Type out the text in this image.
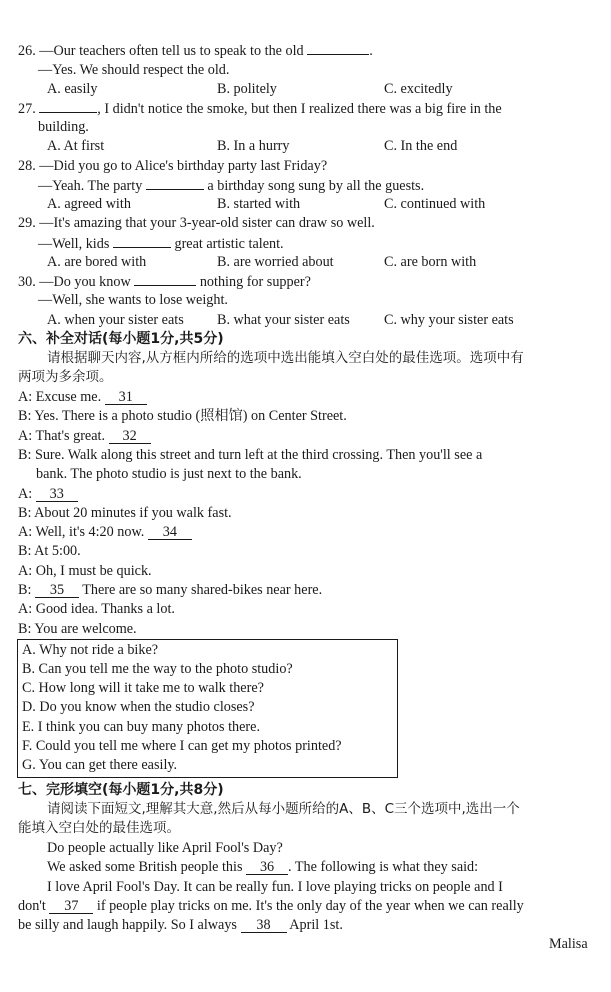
26. —Our teachers often tell us to speak to the old	.
—Yes. We should respect the old.
A. easily	B. politely	C. excitedly
27.	, I didn't notice the smoke, but then I realized there was a big fire in the
building.
A. At first	B. In a hurry	C. In the end
28. —Did you go to Alice's birthday party last Friday?
—Yeah. The party	a birthday song sung by all the guests.
A. agreed with	B. started with	C. continued with
29. —It's amazing that your 3-year-old sister can draw so well.
—Well, kids	great artistic talent.
A. are bored with	B. are worried about	C. are born with
30. —Do you know	nothing for supper?
—Well, she wants to lose weight.
A. when your sister eats B. what your sister eats C. why your sister eats
六、补全对话(每小题1分,共5分)
请根据聊天内容,从方框内所给的选项中选出能填入空白处的最佳选项。选项中有
两项为多余项。
A: Excuse me. 31
B: Yes. There is a photo studio (照相馆) on Center Street.
A: That's great. 32
B: Sure. Walk along this street and turn left at the third crossing. Then you'll see a
bank. The photo studio is just next to the bank.
A: 33
B: About 20 minutes if you walk fast.
A: Well, it's 4:20 now. 34
B: At 5:00.
A: Oh, I must be quick.
B: 35 There are so many shared-bikes near here.
A: Good idea. Thanks a lot.
B: You are welcome.
A. Why not ride a bike?
B. Can you tell me the way to the photo studio?
C. How long will it take me to walk there?
D. Do you know when the studio closes?
E. I think you can buy many photos there.
F. Could you tell me where I can get my photos printed?
G. You can get there easily.
七、完形填空(每小题1分,共8分)
请阅读下面短文,理解其大意,然后从每小题所给的A、B、C三个选项中,选出一个
能填入空白处的最佳选项。
Do people actually like April Fool's Day?
We asked some British people this 36 . The following is what they said:
I love April Fool's Day. It can be really fun. I love playing tricks on people and I
don't 37 if people play tricks on me. It's the only day of the year when we can really
be silly and laugh happily. So I always 38 April 1st.
Malisa
